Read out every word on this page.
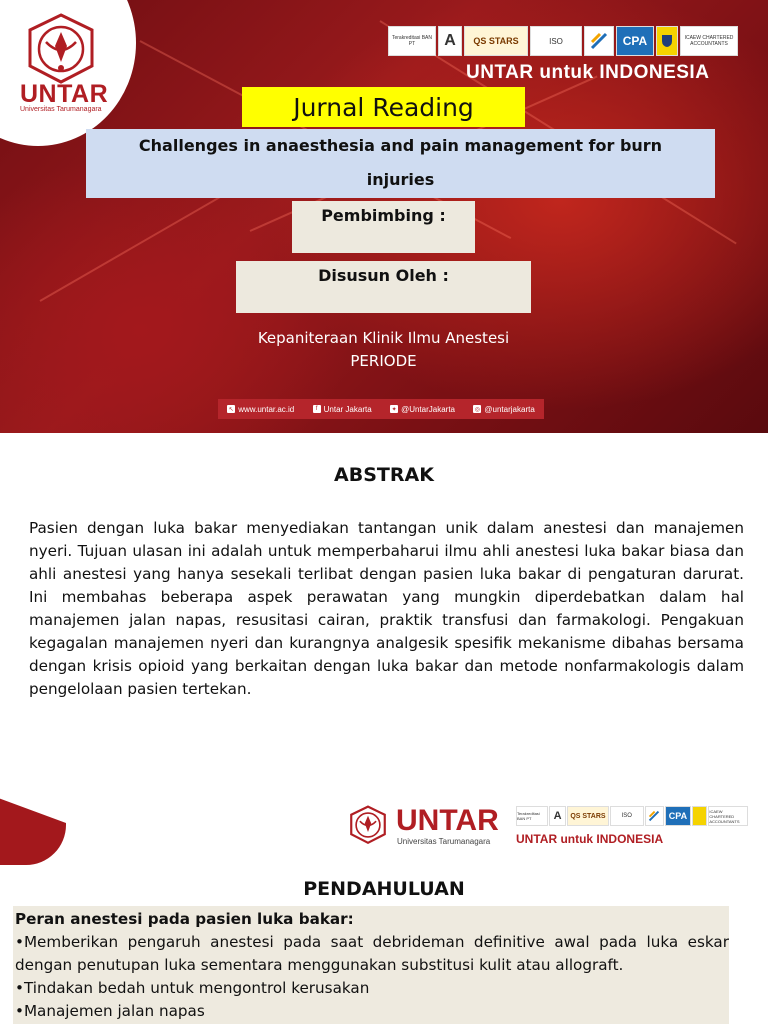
UNTAR
Universitas Tarumanagara
Terakreditasi BAN PT	A	QS STARS	ISO	CPA	ICAEW CHARTERED ACCOUNTANTS
UNTAR untuk INDONESIA
Jurnal Reading
Challenges in anaesthesia and pain management for burn
injuries
Pembimbing :
Disusun Oleh :
Kepaniteraan Klinik Ilmu Anestesi
PERIODE
↖ www.untar.ac.id	f Untar Jakarta	✦ @UntarJakarta	◎ @untarjakarta
ABSTRAK
Pasien dengan luka bakar menyediakan tantangan unik dalam anestesi dan manajemen nyeri. Tujuan ulasan ini adalah untuk memperbaharui ilmu ahli anestesi luka bakar biasa dan ahli anestesi yang hanya sesekali terlibat dengan pasien luka bakar di pengaturan darurat. Ini membahas beberapa aspek perawatan yang mungkin diperdebatkan dalam hal manajemen jalan napas, resusitasi cairan, praktik transfusi dan farmakologi. Pengakuan kegagalan manajemen nyeri dan kurangnya analgesik spesifik mekanisme dibahas bersama dengan krisis opioid yang berkaitan dengan luka bakar dan metode nonfarmakologis dalam pengelolaan pasien tertekan.
UNTAR
Universitas Tarumanagara
Terakreditasi BAN PT	A	QS STARS	ISO	CPA	ICAEW CHARTERED ACCOUNTANTS
UNTAR untuk INDONESIA
PENDAHULUAN
Peran anestesi pada pasien luka bakar:
•Memberikan pengaruh anestesi pada saat debrideman definitive awal pada luka eskar dengan penutupan luka sementara menggunakan substitusi kulit atau allograft.
•Tindakan bedah untuk mengontrol kerusakan
•Manajemen jalan napas
